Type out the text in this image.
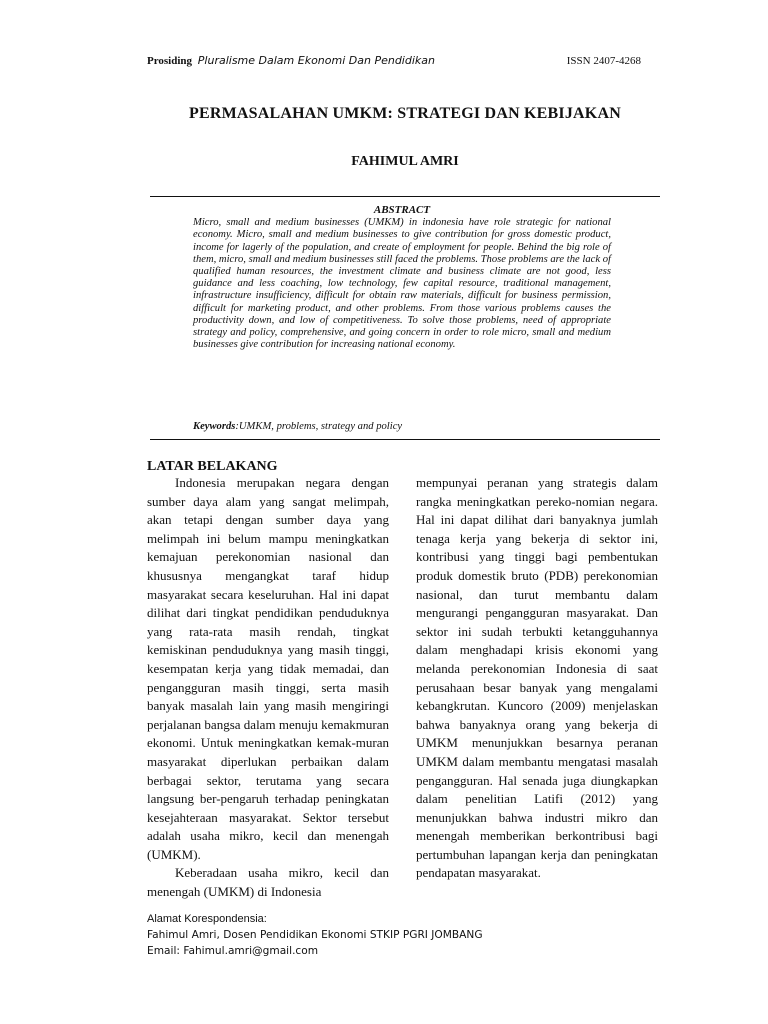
Prosiding Pluralisme Dalam Ekonomi Dan Pendidikan	ISSN 2407-4268
PERMASALAHAN UMKM: STRATEGI DAN KEBIJAKAN
FAHIMUL AMRI
ABSTRACT

Micro, small and medium businesses (UMKM) in indonesia have role strategic for national economy. Micro, small and medium businesses to give contribution for gross domestic product, income for lagerly of the population, and create of employment for people. Behind the big role of them, micro, small and medium businesses still faced the problems. Those problems are the lack of qualified human resources, the investment climate and business climate are not good, less guidance and less coaching, low technology, few capital resource, traditional management, infrastructure insufficiency, difficult for obtain raw materials, difficult for business permission, difficult for marketing product, and other problems. From those various problems causes the productivity down, and low of competitiveness. To solve those problems, need of appropriate strategy and policy, comprehensive, and going concern in order to role micro, small and medium businesses give contribution for increasing national economy.

Keywords:UMKM, problems, strategy and policy
LATAR BELAKANG

Indonesia merupakan negara dengan sumber daya alam yang sangat melimpah, akan tetapi dengan sumber daya yang melimpah ini belum mampu meningkatkan kemajuan perekonomian nasional dan khususnya mengangkat taraf hidup masyarakat secara keseluruhan. Hal ini dapat dilihat dari tingkat pendidikan penduduknya yang rata-rata masih rendah, tingkat kemiskinan penduduknya yang masih tinggi, kesempatan kerja yang tidak memadai, dan pengangguran masih tinggi, serta masih banyak masalah lain yang masih mengiringi perjalanan bangsa dalam menuju kemakmuran ekonomi. Untuk meningkatkan kemak-muran masyarakat diperlukan perbaikan dalam berbagai sektor, terutama yang secara langsung ber-pengaruh terhadap peningkatan kesejahteraan masyarakat. Sektor tersebut adalah usaha mikro, kecil dan menengah (UMKM).

Keberadaan usaha mikro, kecil dan menengah (UMKM) di Indonesia

mempunyai peranan yang strategis dalam rangka meningkatkan pereko-nomian negara. Hal ini dapat dilihat dari banyaknya jumlah tenaga kerja yang bekerja di sektor ini, kontribusi yang tinggi bagi pembentukan produk domestik bruto (PDB) perekonomian nasional, dan turut membantu dalam mengurangi pengangguran masyarakat. Dan sektor ini sudah terbukti ketangguhannya dalam menghadapi krisis ekonomi yang melanda perekonomian Indonesia di saat perusahaan besar banyak yang mengalami kebangkrutan. Kuncoro (2009) menjelaskan bahwa banyaknya orang yang bekerja di UMKM menunjukkan besarnya peranan UMKM dalam membantu mengatasi masalah pengangguran. Hal senada juga diungkapkan dalam penelitian Latifi (2012) yang menunjukkan bahwa industri mikro dan menengah memberikan berkontribusi bagi pertumbuhan lapangan kerja dan peningkatan pendapatan masyarakat.

Alamat Korespondensia:
Fahimul Amri, Dosen Pendidikan Ekonomi STKIP PGRI JOMBANG
Email: Fahimul.amri@gmail.com
